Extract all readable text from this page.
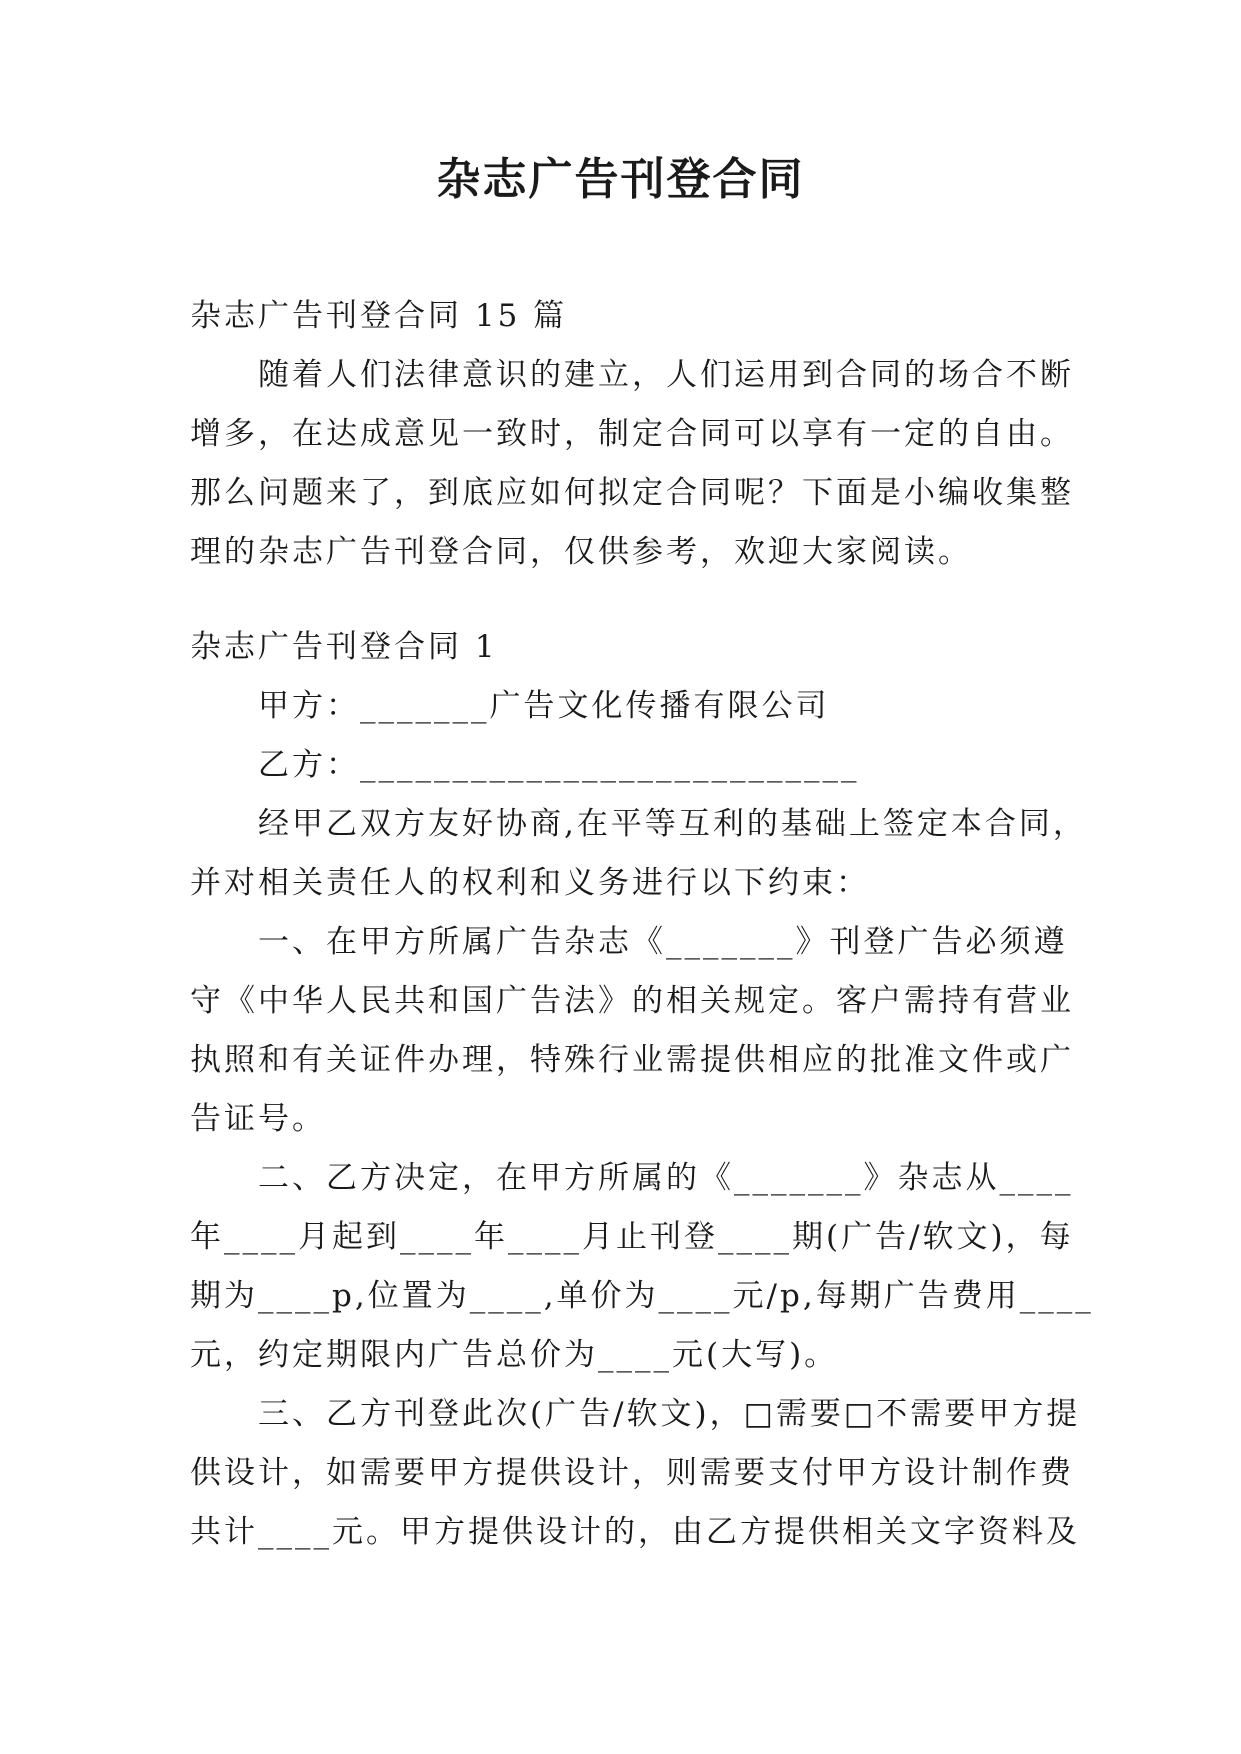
杂志广告刊登合同
杂志广告刊登合同 15 篇
随着人们法律意识的建立，人们运用到合同的场合不断
增多，在达成意见一致时，制定合同可以享有一定的自由。
那么问题来了，到底应如何拟定合同呢？下面是小编收集整
理的杂志广告刊登合同，仅供参考，欢迎大家阅读。
杂志广告刊登合同 1
甲方：_______广告文化传播有限公司
乙方：___________________________
经甲乙双方友好协商,在平等互利的基础上签定本合同，
并对相关责任人的权利和义务进行以下约束：
一、在甲方所属广告杂志《_______》刊登广告必须遵
守《中华人民共和国广告法》的相关规定。客户需持有营业
执照和有关证件办理，特殊行业需提供相应的批准文件或广
告证号。
二、乙方决定，在甲方所属的《_______》杂志从____
年____月起到____年____月止刊登____期(广告/软文)，每
期为____p,位置为____,单价为____元/p,每期广告费用____
元，约定期限内广告总价为____元(大写)。
三、乙方刊登此次(广告/软文)，□需要□不需要甲方提
供设计，如需要甲方提供设计，则需要支付甲方设计制作费
共计____元。甲方提供设计的，由乙方提供相关文字资料及
